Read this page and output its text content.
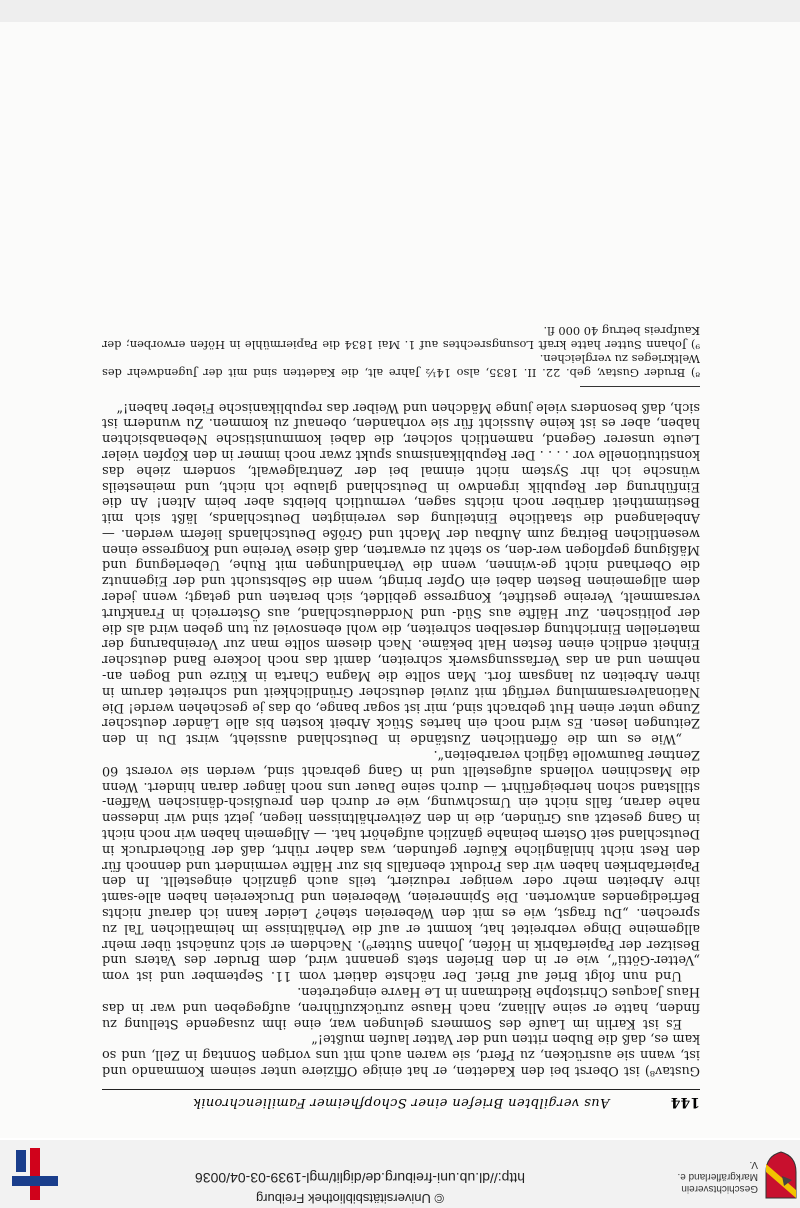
Geschichtsverein
Markgräflerland e. V.
© Universitätsbibliothek Freiburg
http://dl.ub.uni-freiburg.de/diglit/mgl-1939-03-04/0036
144
Aus vergilbten Briefen einer Schopfheimer Familienchronik

Gustav⁸) ist Oberst bei den Kadetten, er hat einige Offiziere unter seinem Kommando und ist, wann sie ausrücken, zu Pferd, sie waren auch mit uns vorigen Sonntag in Zell, und so kam es, daß die Buben ritten und der Vatter laufen mußte!“

Es ist Karlin im Laufe des Sommers gelungen war, eine ihm zusagende Stellung zu finden, hatte er seine Allianz, nach Hause zurückzuführen, aufgegeben und war in das Haus Jacques Christophe Riedtmann in Le Havre eingetreten.

Und nun folgt Brief auf Brief. Der nächste datiert vom 11. September und ist vom „Vetter-Götti“, wie er in den Briefen stets genannt wird, dem Bruder des Vaters und Besitzer der Papierfabrik in Höfen, Johann Sutter⁹). Nachdem er sich zunächst über mehr allgemeine Dinge verbreitet hat, kommt er auf die Verhältnisse im heimatlichen Tal zu sprechen. „Du fragst, wie es mit den Webereien stehe? Leider kann ich darauf nichts Befriedigendes antworten. Die Spinnereien, Webereien und Druckereien haben alle-samt ihre Arbeiten mehr oder weniger reduziert, teils auch gänzlich eingestellt. In den Papierfabriken haben wir das Produkt ebenfalls bis zur Hälfte vermindert und dennoch für den Rest nicht hinlängliche Käufer gefunden, was daher rührt, daß der Bücherdruck in Deutschland seit Ostern beinahe gänzlich aufgehört hat. — Allgemein haben wir noch nicht in Gang gesetzt aus Gründen, die in den Zeitverhältnissen liegen, jetzt sind wir indessen nahe daran, falls nicht ein Umschwung, wie er durch den preußisch-dänischen Waffen-stillstand schon herbeigeführt — durch seine Dauer uns noch länger daran hindert. Wenn die Maschinen vollends aufgestellt und in Gang gebracht sind, werden sie vorerst 60 Zentner Baumwolle täglich verarbeiten“.

„Wie es um die öffentlichen Zustände in Deutschland aussieht, wirst Du in den Zeitungen lesen. Es wird noch ein hartes Stück Arbeit kosten bis alle Länder deutscher Zunge unter einen Hut gebracht sind, mir ist sogar bange, ob das je geschehen werde! Die Nationalversammlung verfügt mit zuviel deutscher Gründlichkeit und schreitet darum in ihren Arbeiten zu langsam fort. Man sollte die Magna Charta in Kürze und Bogen an-nehmen und an das Verfassungswerk schreiten, damit das noch lockere Band deutscher Einheit endlich einen festen Halt bekäme. Nach diesem sollte man zur Vereinbarung der materiellen Einrichtung derselben schreiten, die wohl ebensoviel zu tun geben wird als die der politischen. Zur Hälfte aus Süd- und Norddeutschland, aus Österreich in Frankfurt versammelt, Vereine gestiftet, Kongresse gebildet, sich beraten und getagt; wenn jeder dem allgemeinen Besten dabei ein Opfer bringt, wenn die Selbstsucht und der Eigennutz die Oberhand nicht ge-winnen, wenn die Verhandlungen mit Ruhe, Ueberlegung und Mäßigung gepflogen wer-den, so steht zu erwarten, daß diese Vereine und Kongresse einen wesentlichen Beitrag zum Aufbau der Macht und Größe Deutschlands liefern werden. — Anbelangend die staatliche Einteilung des vereinigten Deutschlands, läßt sich mit Bestimmtheit darüber noch nichts sagen, vermutlich bleibts aber beim Alten! An die Einführung der Republik irgendwo in Deutschland glaube ich nicht, und meinesteils wünsche ich ihr System nicht einmal bei der Zentralgewalt, sondern ziehe das konstitutionelle vor . . . . Der Republikanismus spukt zwar noch immer in den Köpfen vieler Leute unserer Gegend, namentlich solcher, die dabei kommunistische Nebenabsichten haben, aber es ist keine Aussicht für sie vorhanden, obenauf zu kommen. Zu wundern ist sich, daß besonders viele junge Mädchen und Weiber das republikanische Fieber haben!“

⁸) Bruder Gustav, geb. 22. II. 1835, also 14½ Jahre alt, die Kadetten sind mit der Jugendwehr des Weltkrieges zu vergleichen.

⁹) Johann Sutter hatte kraft Losungsrechtes auf 1. Mai 1834 die Papiermühle in Höfen erworben; der Kaufpreis betrug 40 000 fl.
